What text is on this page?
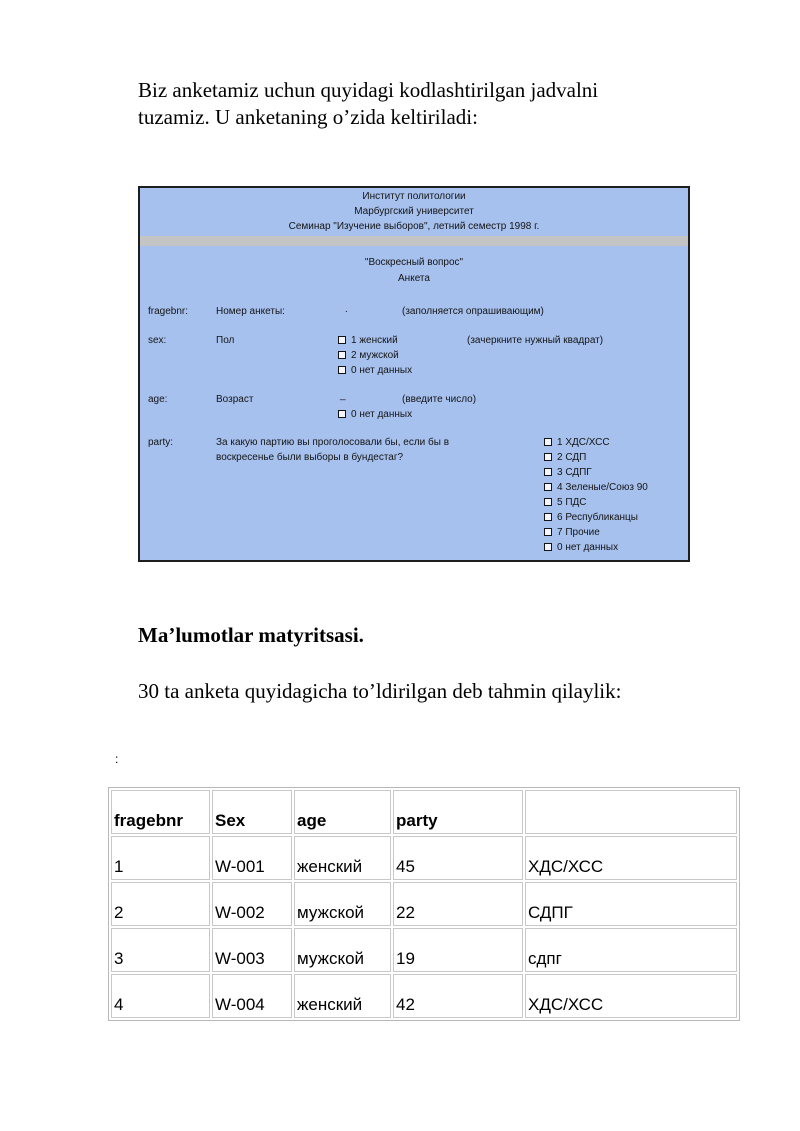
Biz anketamiz uchun quyidagi kodlashtirilgan jadvalni
tuzamiz. U anketaning o’zida keltiriladi:
Институт политологии
Марбургский университет
Семинар "Изучение выборов", летний семестр 1998 г.
"Воскресный вопрос"
Анкета
fragebnr:	Номер анкеты:	.	(заполняется опрашивающим)
sex:	Пол	1 женский
2 мужской
0 нет данных
(зачеркните нужный квадрат)
age:	Возраст	_	(введите число)
0 нет данных
party:	За какую партию вы проголосовали бы, если бы в
воскресенье были выборы в бундестаг?
1 ХДС/ХСС
2 СДП
3 СДПГ
4 Зеленые/Союз 90
5 ПДС
6 Республиканцы
7 Прочие
0 нет данных
Ma’lumotlar matyritsasi.
30 ta anketa quyidagicha to’ldirilgan deb tahmin qilaylik:
:
fragebnr	Sex	age	party	
1	W-001	женский	45	ХДС/ХСС
2	W-002	мужской	22	СДПГ
3	W-003	мужской	19	сдпг
4	W-004	женский	42	ХДС/ХСС
